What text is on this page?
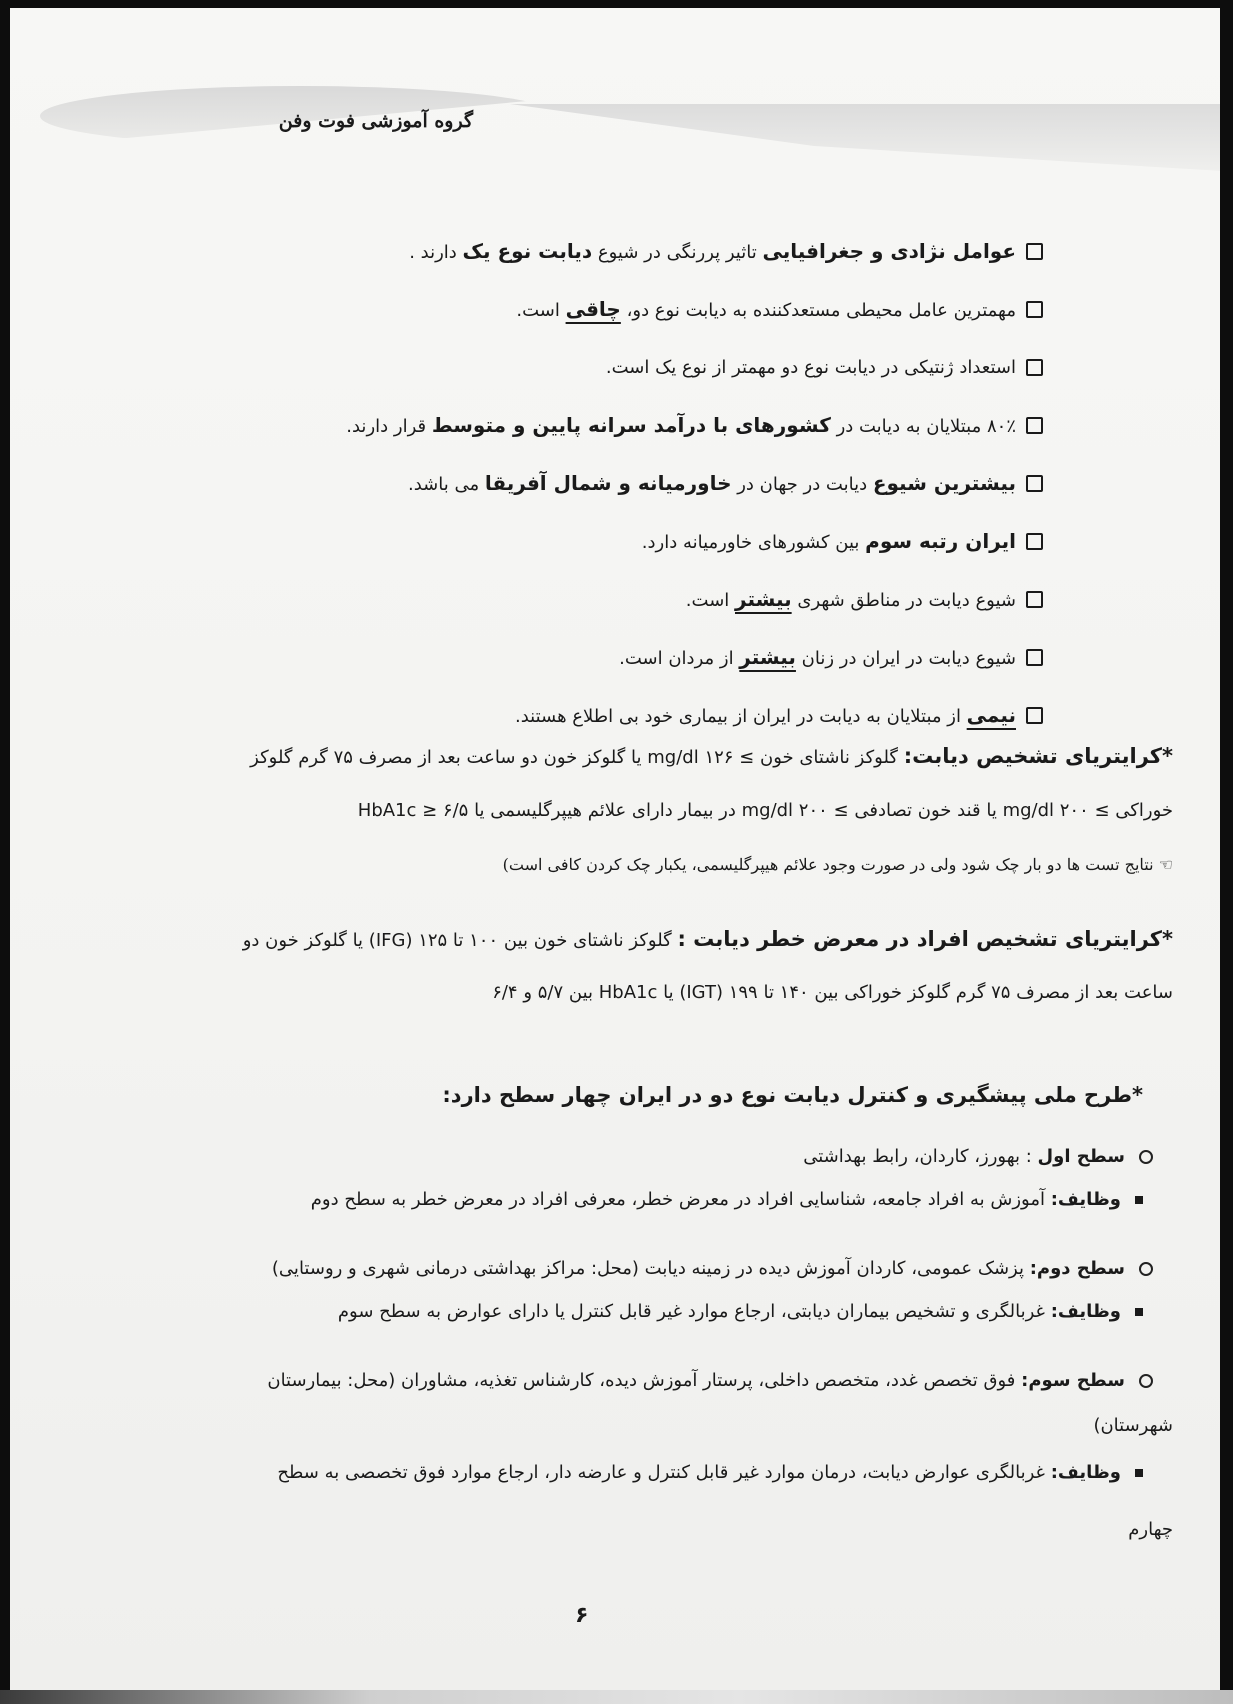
گروه آموزشی فوت وفن
عوامل نژادی و جغرافیایی تاثیر پررنگی در شیوع دیابت نوع یک دارند .
مهمترین عامل محیطی مستعدکننده به دیابت نوع دو، چاقی است.
استعداد ژنتیکی در دیابت نوع دو مهمتر از نوع یک است.
۸۰٪ مبتلایان به دیابت در کشورهای با درآمد سرانه پایین و متوسط قرار دارند.
بیشترین شیوع دیابت در جهان در خاورمیانه و شمال آفریقا می باشد.
ایران رتبه سوم بین کشورهای خاورمیانه دارد.
شیوع دیابت در مناطق شهری بیشتر است.
شیوع دیابت در ایران در زنان بیشتر از مردان است.
نیمی از مبتلایان به دیابت در ایران از بیماری خود بی اطلاع هستند.
*کرایتریای تشخیص دیابت: گلوکز ناشتای خون ≥ ۱۲۶ mg/dl یا گلوکز خون دو ساعت بعد از مصرف ۷۵ گرم گلوکز
خوراکی ≥ ۲۰۰ mg/dl یا قند خون تصادفی ≥ ۲۰۰ mg/dl در بیمار دارای علائم هیپرگلیسمی یا HbA1c ≥ ۶/۵
☜ نتایج تست ها دو بار چک شود ولی در صورت وجود علائم هیپرگلیسمی، یکبار چک کردن کافی است)
*کرایتریای تشخیص افراد در معرض خطر دیابت : گلوکز ناشتای خون بین ۱۰۰ تا ۱۲۵ (IFG) یا گلوکز خون دو
ساعت بعد از مصرف ۷۵ گرم گلوکز خوراکی بین ۱۴۰ تا ۱۹۹ (IGT) یا HbA1c بین ۵/۷ و ۶/۴
*طرح ملی پیشگیری و کنترل دیابت نوع دو در ایران چهار سطح دارد:
سطح اول : بهورز، کاردان، رابط بهداشتی
وظایف: آموزش به افراد جامعه، شناسایی افراد در معرض خطر، معرفی افراد در معرض خطر به سطح دوم
سطح دوم: پزشک عمومی، کاردان آموزش دیده در زمینه دیابت (محل: مراکز بهداشتی درمانی شهری و روستایی)
وظایف: غربالگری و تشخیص بیماران دیابتی، ارجاع موارد غیر قابل کنترل یا دارای عوارض به سطح سوم
سطح سوم: فوق تخصص غدد، متخصص داخلی، پرستار آموزش دیده، کارشناس تغذیه، مشاوران (محل: بیمارستان
شهرستان)
وظایف: غربالگری عوارض دیابت، درمان موارد غیر قابل کنترل و عارضه دار، ارجاع موارد فوق تخصصی به سطح
چهارم
۶
